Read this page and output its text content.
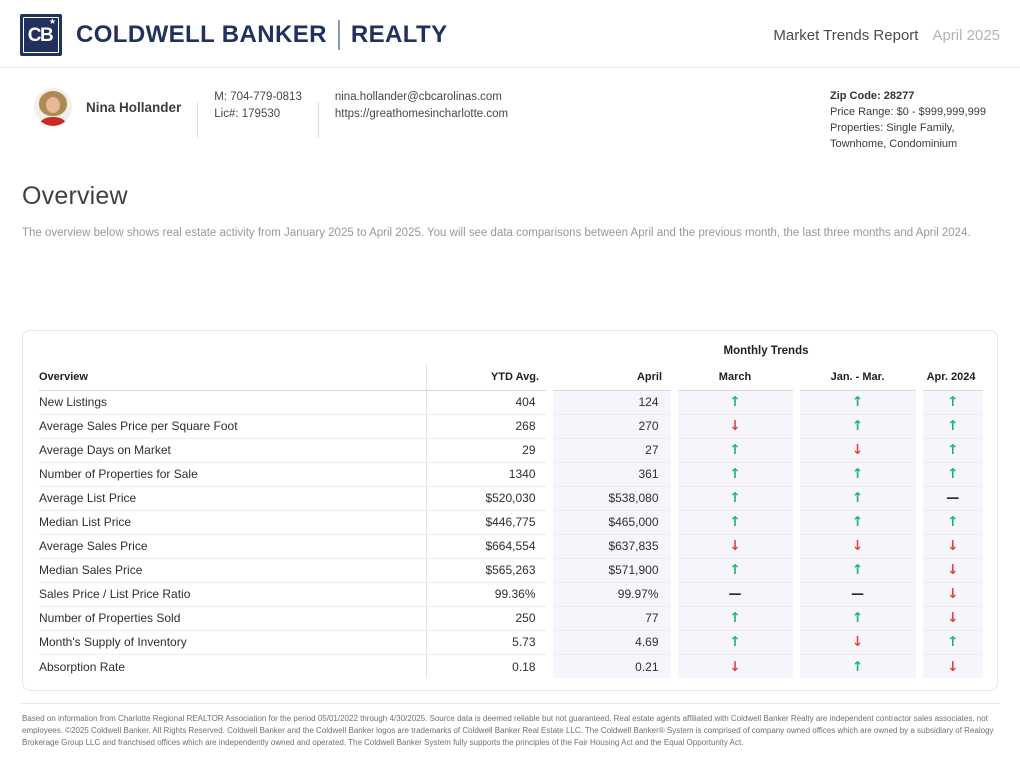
CB
★ COLDWELL BANKER REALTY	Market Trends Report April 2025
Nina Hollander
M: 704-779-0813
Lic#: 179530
nina.hollander@cbcarolinas.com
https://greathomesincharlotte.com
Zip Code: 28277
Price Range: $0 - $999,999,999
Properties: Single Family, Townhome, Condominium
Overview

The overview below shows real estate activity from January 2025 to April 2025. You will see data comparisons between April and the previous month, the last three months and April 2024.

		Monthly Trends			
Overview	YTD Avg.	April	March	Jan. - Mar.	Apr. 2024
New Listings	404	124	↑	↑	↑
Average Sales Price per Square Foot	268	270	↓	↑	↑
Average Days on Market	29	27	↑	↓	↑
Number of Properties for Sale	1340	361	↑	↑	↑
Average List Price	$520,030	$538,080	↑	↑	—
Median List Price	$446,775	$465,000	↑	↑	↑
Average Sales Price	$664,554	$637,835	↓	↓	↓
Median Sales Price	$565,263	$571,900	↑	↑	↓
Sales Price / List Price Ratio	99.36%	99.97%	—	—	↓
Number of Properties Sold	250	77	↑	↑	↓
Month's Supply of Inventory	5.73	4.69	↑	↓	↑
Absorption Rate	0.18	0.21	↓	↑	↓
Based on information from Charlotte Regional REALTOR Association for the period 05/01/2022 through 4/30/2025. Source data is deemed reliable but not guaranteed. Real estate agents affiliated with Coldwell Banker Realty are independent contractor sales associates, not employees. ©2025 Coldwell Banker. All Rights Reserved. Coldwell Banker and the Coldwell Banker logos are trademarks of Coldwell Banker Real Estate LLC. The Coldwell Banker® System is comprised of company owned offices which are owned by a subsidiary of Realogy Brokerage Group LLC and franchised offices which are independently owned and operated. The Coldwell Banker System fully supports the principles of the Fair Housing Act and the Equal Opportunity Act.
